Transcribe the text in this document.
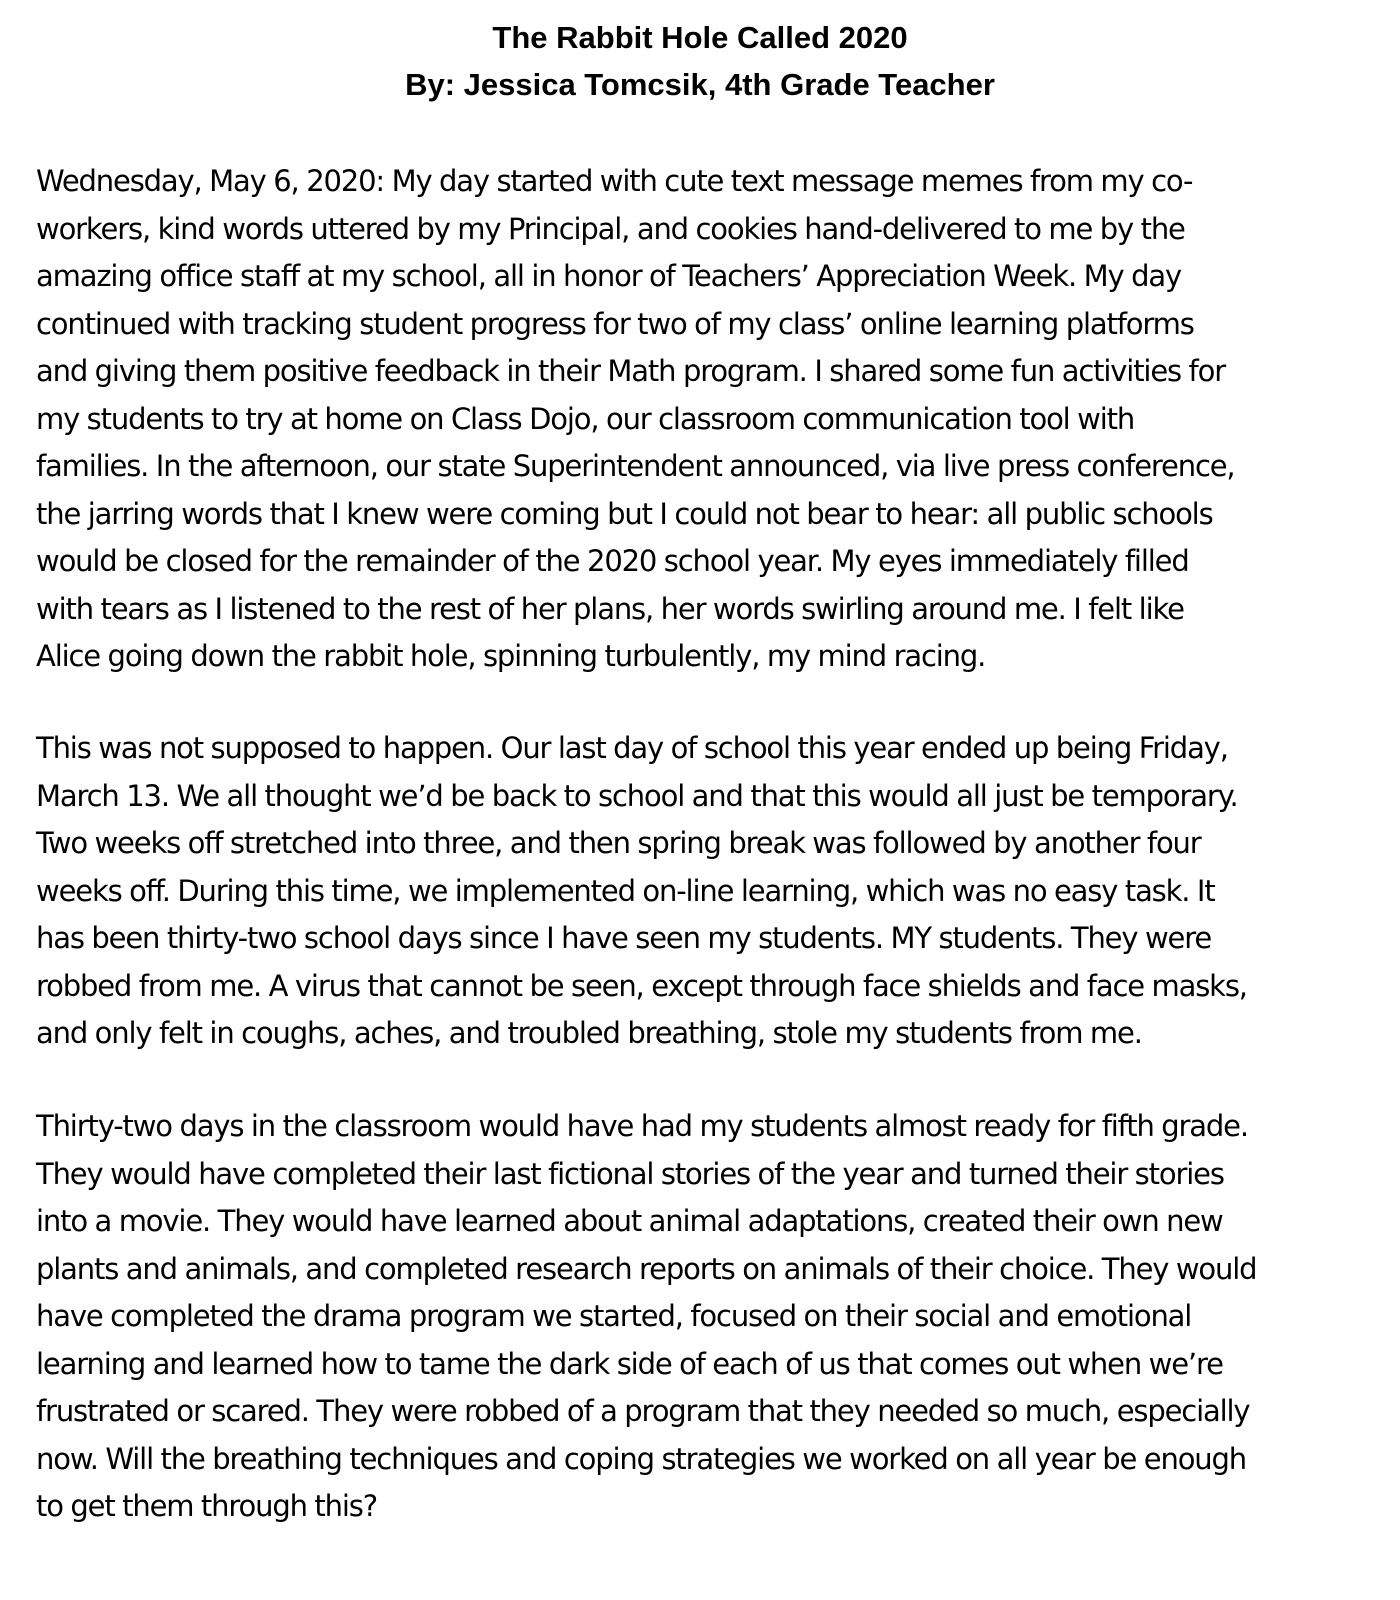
The Rabbit Hole Called 2020
By: Jessica Tomcsik, 4th Grade Teacher
Wednesday, May 6, 2020: My day started with cute text message memes from my co-
workers, kind words uttered by my Principal, and cookies hand-delivered to me by the
amazing office staff at my school, all in honor of Teachers’ Appreciation Week. My day
continued with tracking student progress for two of my class’ online learning platforms
and giving them positive feedback in their Math program. I shared some fun activities for
my students to try at home on Class Dojo, our classroom communication tool with
families. In the afternoon, our state Superintendent announced, via live press conference,
the jarring words that I knew were coming but I could not bear to hear: all public schools
would be closed for the remainder of the 2020 school year. My eyes immediately filled
with tears as I listened to the rest of her plans, her words swirling around me. I felt like
Alice going down the rabbit hole, spinning turbulently, my mind racing.
This was not supposed to happen. Our last day of school this year ended up being Friday,
March 13. We all thought we’d be back to school and that this would all just be temporary.
Two weeks off stretched into three, and then spring break was followed by another four
weeks off. During this time, we implemented on-line learning, which was no easy task. It
has been thirty-two school days since I have seen my students. MY students. They were
robbed from me. A virus that cannot be seen, except through face shields and face masks,
and only felt in coughs, aches, and troubled breathing, stole my students from me.
Thirty-two days in the classroom would have had my students almost ready for fifth grade.
They would have completed their last fictional stories of the year and turned their stories
into a movie. They would have learned about animal adaptations, created their own new
plants and animals, and completed research reports on animals of their choice. They would
have completed the drama program we started, focused on their social and emotional
learning and learned how to tame the dark side of each of us that comes out when we’re
frustrated or scared. They were robbed of a program that they needed so much, especially
now. Will the breathing techniques and coping strategies we worked on all year be enough
to get them through this?
